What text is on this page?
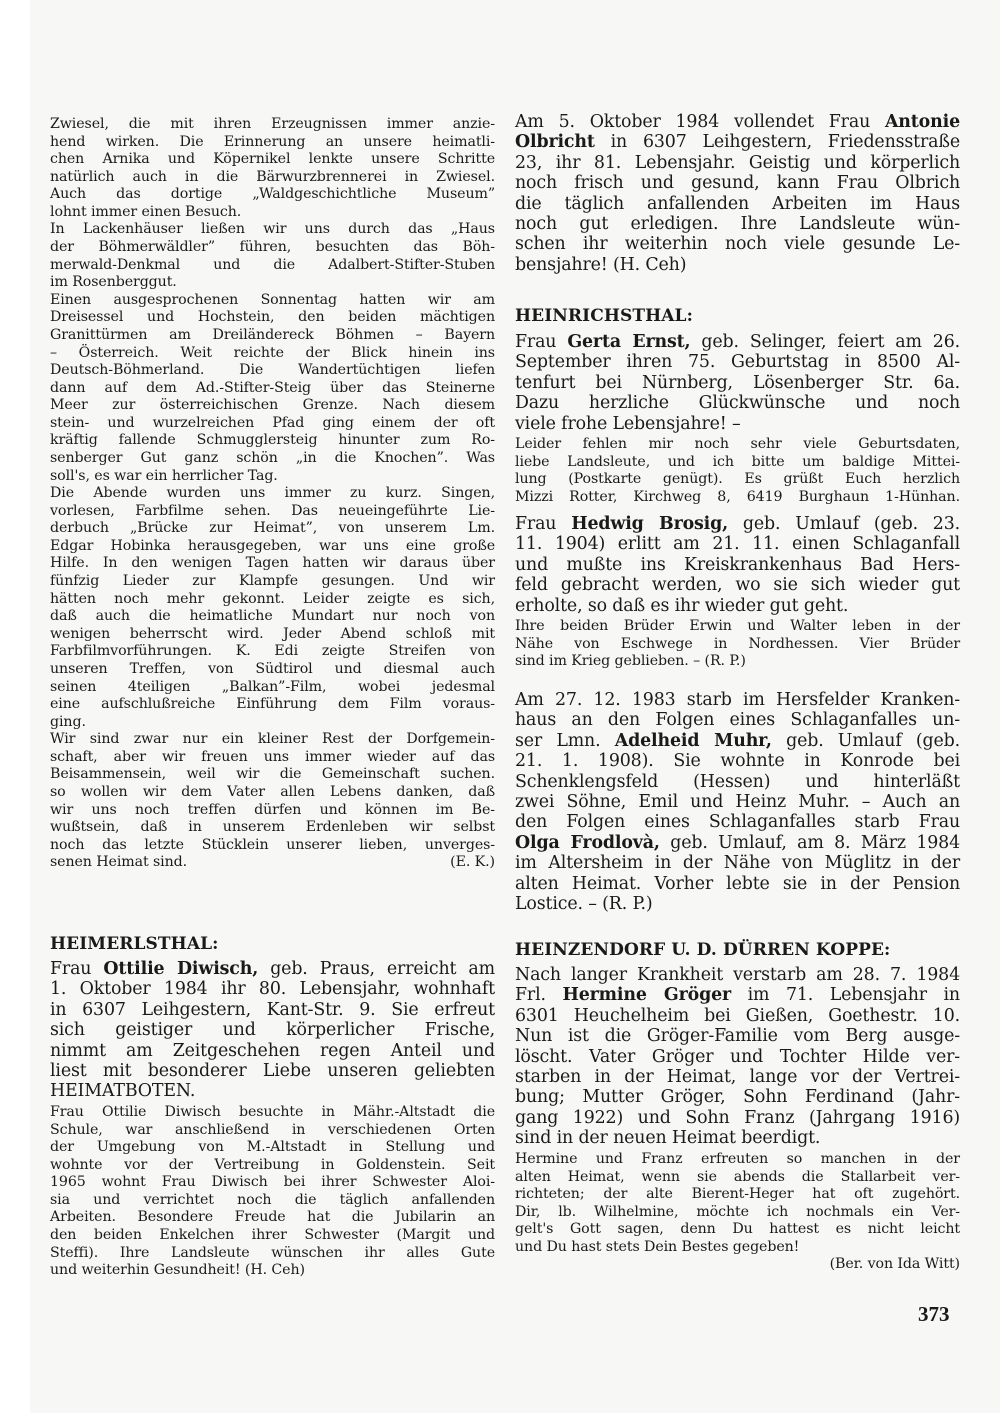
Zwiesel, die mit ihren Erzeugnissen immer anzie-
hend wirken. Die Erinnerung an unsere heimatli-
chen Arnika und Köpernikel lenkte unsere Schritte
natürlich auch in die Bärwurzbrennerei in Zwiesel.
Auch das dortige „Waldgeschichtliche Museum”
lohnt immer einen Besuch.
In Lackenhäuser ließen wir uns durch das „Haus
der Böhmerwäldler” führen, besuchten das Böh-
merwald-Denkmal und die Adalbert-Stifter-Stuben
im Rosenberggut.
Einen ausgesprochenen Sonnentag hatten wir am
Dreisessel und Hochstein, den beiden mächtigen
Granittürmen am Dreiländereck Böhmen – Bayern
– Österreich. Weit reichte der Blick hinein ins
Deutsch-Böhmerland. Die Wandertüchtigen liefen
dann auf dem Ad.-Stifter-Steig über das Steinerne
Meer zur österreichischen Grenze. Nach diesem
stein- und wurzelreichen Pfad ging einem der oft
kräftig fallende Schmugglersteig hinunter zum Ro-
senberger Gut ganz schön „in die Knochen”. Was
soll's, es war ein herrlicher Tag.
Die Abende wurden uns immer zu kurz. Singen,
vorlesen, Farbfilme sehen. Das neueingeführte Lie-
derbuch „Brücke zur Heimat”, von unserem Lm.
Edgar Hobinka herausgegeben, war uns eine große
Hilfe. In den wenigen Tagen hatten wir daraus über
fünfzig Lieder zur Klampfe gesungen. Und wir
hätten noch mehr gekonnt. Leider zeigte es sich,
daß auch die heimatliche Mundart nur noch von
wenigen beherrscht wird. Jeder Abend schloß mit
Farbfilmvorführungen. K. Edi zeigte Streifen von
unseren Treffen, von Südtirol und diesmal auch
seinen 4teiligen „Balkan”-Film, wobei jedesmal
eine aufschlußreiche Einführung dem Film voraus-
ging.
Wir sind zwar nur ein kleiner Rest der Dorfgemein-
schaft, aber wir freuen uns immer wieder auf das
Beisammensein, weil wir die Gemeinschaft suchen.
so wollen wir dem Vater allen Lebens danken, daß
wir uns noch treffen dürfen und können im Be-
wußtsein, daß in unserem Erdenleben wir selbst
noch das letzte Stücklein unserer lieben, unverges-
senen Heimat sind.	(E. K.)
HEIMERLSTHAL:
Frau Ottilie Diwisch, geb. Praus, erreicht am
1. Oktober 1984 ihr 80. Lebensjahr, wohnhaft
in 6307 Leihgestern, Kant-Str. 9. Sie erfreut
sich geistiger und körperlicher Frische,
nimmt am Zeitgeschehen regen Anteil und
liest mit besonderer Liebe unseren geliebten
HEIMATBOTEN.
Frau Ottilie Diwisch besuchte in Mähr.-Altstadt die
Schule, war anschließend in verschiedenen Orten
der Umgebung von M.-Altstadt in Stellung und
wohnte vor der Vertreibung in Goldenstein. Seit
1965 wohnt Frau Diwisch bei ihrer Schwester Aloi-
sia und verrichtet noch die täglich anfallenden
Arbeiten. Besondere Freude hat die Jubilarin an
den beiden Enkelchen ihrer Schwester (Margit und
Steffi). Ihre Landsleute wünschen ihr alles Gute
und weiterhin Gesundheit! (H. Ceh)
Am 5. Oktober 1984 vollendet Frau Antonie
Olbricht in 6307 Leihgestern, Friedensstraße
23, ihr 81. Lebensjahr. Geistig und körperlich
noch frisch und gesund, kann Frau Olbrich
die täglich anfallenden Arbeiten im Haus
noch gut erledigen. Ihre Landsleute wün-
schen ihr weiterhin noch viele gesunde Le-
bensjahre! (H. Ceh)
HEINRICHSTHAL:
Frau Gerta Ernst, geb. Selinger, feiert am 26.
September ihren 75. Geburtstag in 8500 Al-
tenfurt bei Nürnberg, Lösenberger Str. 6a.
Dazu herzliche Glückwünsche und noch
viele frohe Lebensjahre! –
Leider fehlen mir noch sehr viele Geburtsdaten,
liebe Landsleute, und ich bitte um baldige Mittei-
lung (Postkarte genügt). Es grüßt Euch herzlich
Mizzi Rotter, Kirchweg 8, 6419 Burghaun 1-Hünhan.
Frau Hedwig Brosig, geb. Umlauf (geb. 23.
11. 1904) erlitt am 21. 11. einen Schlaganfall
und mußte ins Kreiskrankenhaus Bad Hers-
feld gebracht werden, wo sie sich wieder gut
erholte, so daß es ihr wieder gut geht.
Ihre beiden Brüder Erwin und Walter leben in der
Nähe von Eschwege in Nordhessen. Vier Brüder
sind im Krieg geblieben. – (R. P.)
Am 27. 12. 1983 starb im Hersfelder Kranken-
haus an den Folgen eines Schlaganfalles un-
ser Lmn. Adelheid Muhr, geb. Umlauf (geb.
21. 1. 1908). Sie wohnte in Konrode bei
Schenklengsfeld (Hessen) und hinterläßt
zwei Söhne, Emil und Heinz Muhr. – Auch an
den Folgen eines Schlaganfalles starb Frau
Olga Frodlovà, geb. Umlauf, am 8. März 1984
im Altersheim in der Nähe von Müglitz in der
alten Heimat. Vorher lebte sie in der Pension
Lostice. – (R. P.)
HEINZENDORF U. D. DÜRREN KOPPE:
Nach langer Krankheit verstarb am 28. 7. 1984
Frl. Hermine Gröger im 71. Lebensjahr in
6301 Heuchelheim bei Gießen, Goethestr. 10.
Nun ist die Gröger-Familie vom Berg ausge-
löscht. Vater Gröger und Tochter Hilde ver-
starben in der Heimat, lange vor der Vertrei-
bung; Mutter Gröger, Sohn Ferdinand (Jahr-
gang 1922) und Sohn Franz (Jahrgang 1916)
sind in der neuen Heimat beerdigt.
Hermine und Franz erfreuten so manchen in der
alten Heimat, wenn sie abends die Stallarbeit ver-
richteten; der alte Bierent-Heger hat oft zugehört.
Dir, lb. Wilhelmine, möchte ich nochmals ein Ver-
gelt's Gott sagen, denn Du hattest es nicht leicht
und Du hast stets Dein Bestes gegeben!
(Ber. von Ida Witt)
373
